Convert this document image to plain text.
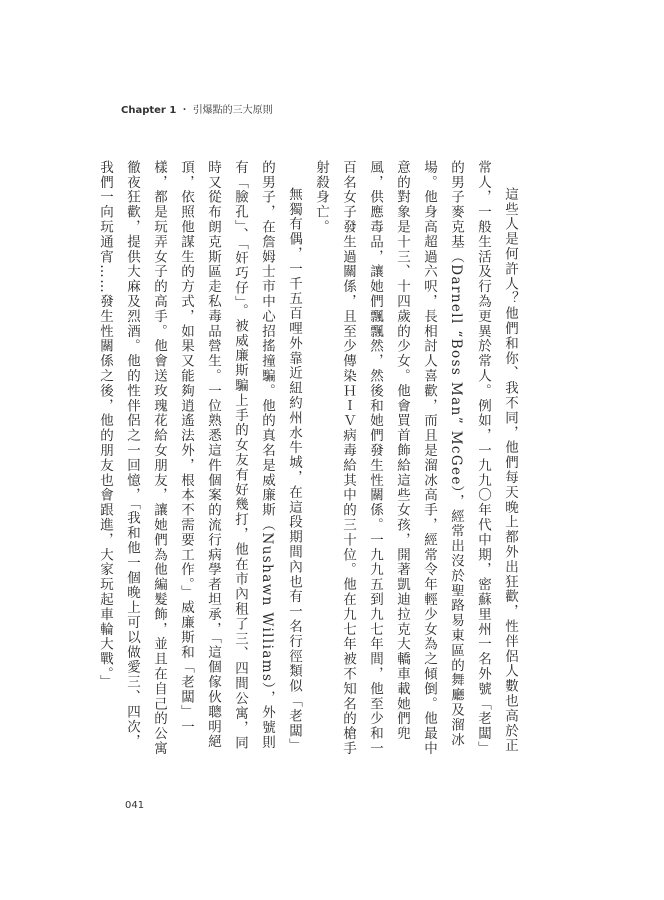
Chapter 1 ・ 引爆點的三大原則

這些人是何許人？他們和你、我不同，他們每天晚上都外出狂歡，性伴侶人數也高於正常人，一般生活及行為更異於常人。例如，一九九〇年代中期，密蘇里州一名外號「老闆」的男子麥克基（Darnell “Boss Man” McGee），經常出沒於聖路易東區的舞廳及溜冰場。他身高超過六呎，長相討人喜歡，而且是溜冰高手，經常令年輕少女為之傾倒。他最中意的對象是十三、十四歲的少女。他會買首飾給這些女孩，開著凱迪拉克大轎車載她們兜風，供應毒品，讓她們飄飄然，然後和她們發生性關係。一九九五到九七年間，他至少和一百名女子發生過關係，且至少傳染ＨＩＶ病毒給其中的三十位。他在九七年被不知名的槍手射殺身亡。

無獨有偶，一千五百哩外靠近紐約州水牛城，在這段期間內也有一名行徑類似「老闆」的男子，在詹姆士市中心招搖撞騙。他的真名是威廉斯（Nushawn Williams），外號則有「臉孔」、「奸巧仔」。被威廉斯騙上手的女友有好幾打，他在市內租了三、四間公寓，同時又從布朗克斯區走私毒品營生。一位熟悉這件個案的流行病學者坦承，「這個傢伙聰明絕頂，依照他謀生的方式，如果又能夠逍遙法外，根本不需要工作。」威廉斯和「老闆」一樣，都是玩弄女子的高手。他會送玫瑰花給女朋友，讓她們為他編髮飾，並且在自己的公寓徹夜狂歡，提供大麻及烈酒。他的性伴侶之一回憶，「我和他一個晚上可以做愛三、四次，我們一向玩通宵……發生性關係之後，他的朋友也會跟進，大家玩起車輪大戰。」

041
